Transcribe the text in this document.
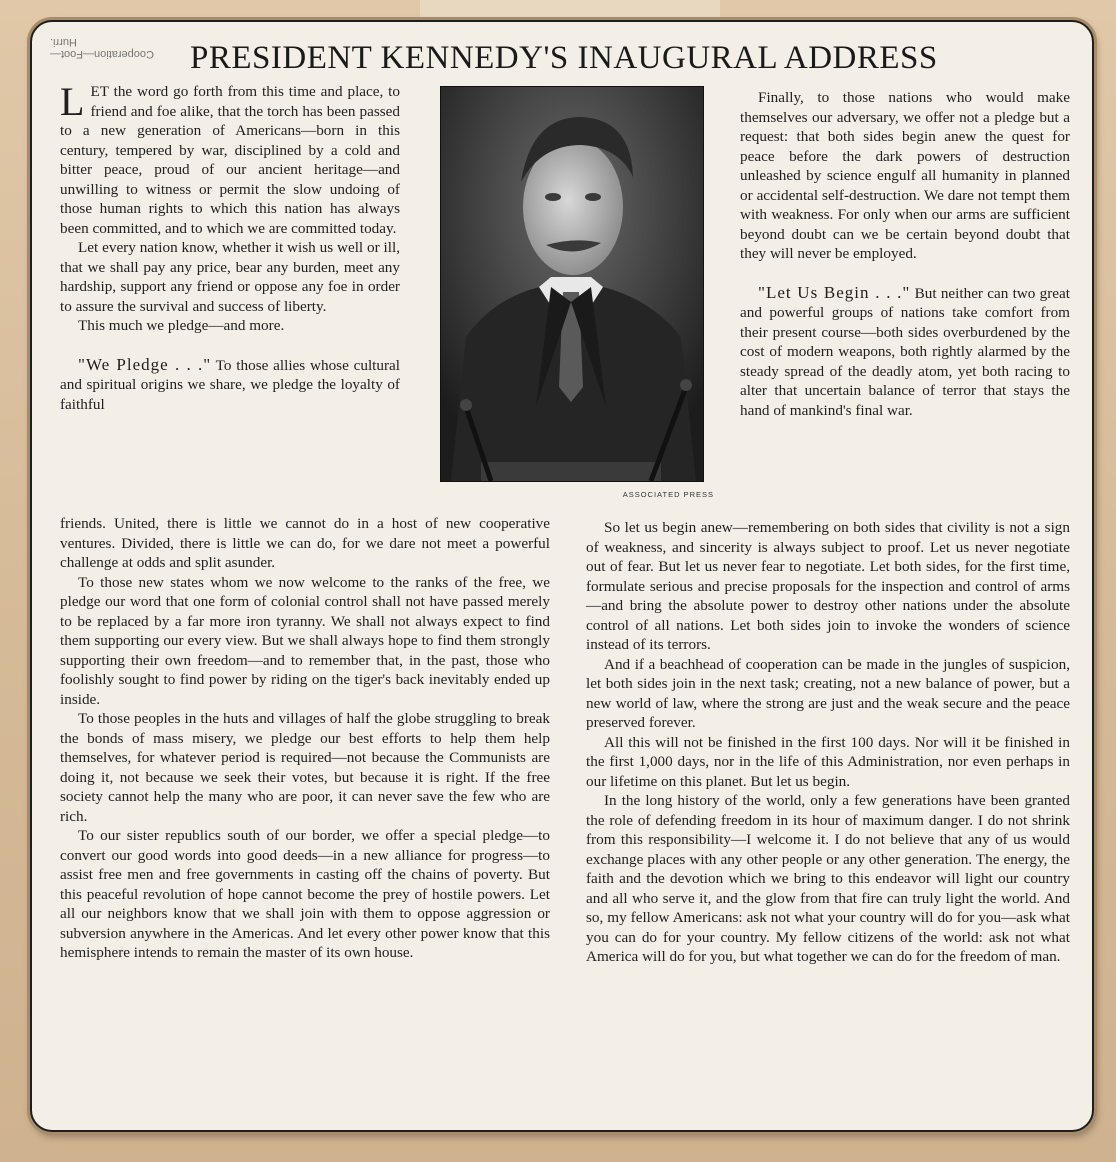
Cooperation—Foot—Hurri.	PRESIDENT KENNEDY'S INAUGURAL ADDRESS

LET the word go forth from this time and place, to friend and foe alike, that the torch has been passed to a new generation of Americans—born in this century, tempered by war, disciplined by a cold and bitter peace, proud of our ancient heritage—and unwilling to witness or permit the slow undoing of those human rights to which this nation has always been committed, and to which we are committed today.

Let every nation know, whether it wish us well or ill, that we shall pay any price, bear any burden, meet any hardship, support any friend or oppose any foe in order to assure the survival and success of liberty.

This much we pledge—and more.

"We Pledge . . ." To those allies whose cultural and spiritual origins we share, we pledge the loyalty of faithful

ASSOCIATED PRESS

friends. United, there is little we cannot do in a host of new cooperative ventures. Divided, there is little we can do, for we dare not meet a powerful challenge at odds and split asunder.

To those new states whom we now welcome to the ranks of the free, we pledge our word that one form of colonial control shall not have passed merely to be replaced by a far more iron tyranny. We shall not always expect to find them supporting our every view. But we shall always hope to find them strongly supporting their own freedom—and to remember that, in the past, those who foolishly sought to find power by riding on the tiger's back inevitably ended up inside.

To those peoples in the huts and villages of half the globe struggling to break the bonds of mass misery, we pledge our best efforts to help them help themselves, for whatever period is required—not because the Communists are doing it, not because we seek their votes, but because it is right. If the free society cannot help the many who are poor, it can never save the few who are rich.

To our sister republics south of our border, we offer a special pledge—to convert our good words into good deeds—in a new alliance for progress—to assist free men and free governments in casting off the chains of poverty. But this peaceful revolution of hope cannot become the prey of hostile powers. Let all our neighbors know that we shall join with them to oppose aggression or subversion anywhere in the Americas. And let every other power know that this hemisphere intends to remain the master of its own house.

Finally, to those nations who would make themselves our adversary, we offer not a pledge but a request: that both sides begin anew the quest for peace before the dark powers of destruction unleashed by science engulf all humanity in planned or accidental self-destruction. We dare not tempt them with weakness. For only when our arms are sufficient beyond doubt can we be certain beyond doubt that they will never be employed.

"Let Us Begin . . ." But neither can two great and powerful groups of nations take comfort from their present course—both sides overburdened by the cost of modern weapons, both rightly alarmed by the steady spread of the deadly atom, yet both racing to alter that uncertain balance of terror that stays the hand of mankind's final war.

So let us begin anew—remembering on both sides that civility is not a sign of weakness, and sincerity is always subject to proof. Let us never negotiate out of fear. But let us never fear to negotiate. Let both sides, for the first time, formulate serious and precise proposals for the inspection and control of arms—and bring the absolute power to destroy other nations under the absolute control of all nations. Let both sides join to invoke the wonders of science instead of its terrors.

And if a beachhead of cooperation can be made in the jungles of suspicion, let both sides join in the next task; creating, not a new balance of power, but a new world of law, where the strong are just and the weak secure and the peace preserved forever.

All this will not be finished in the first 100 days. Nor will it be finished in the first 1,000 days, nor in the life of this Administration, nor even perhaps in our lifetime on this planet. But let us begin.

In the long history of the world, only a few generations have been granted the role of defending freedom in its hour of maximum danger. I do not shrink from this responsibility—I welcome it. I do not believe that any of us would exchange places with any other people or any other generation. The energy, the faith and the devotion which we bring to this endeavor will light our country and all who serve it, and the glow from that fire can truly light the world. And so, my fellow Americans: ask not what your country will do for you—ask what you can do for your country. My fellow citizens of the world: ask not what America will do for you, but what together we can do for the freedom of man.
